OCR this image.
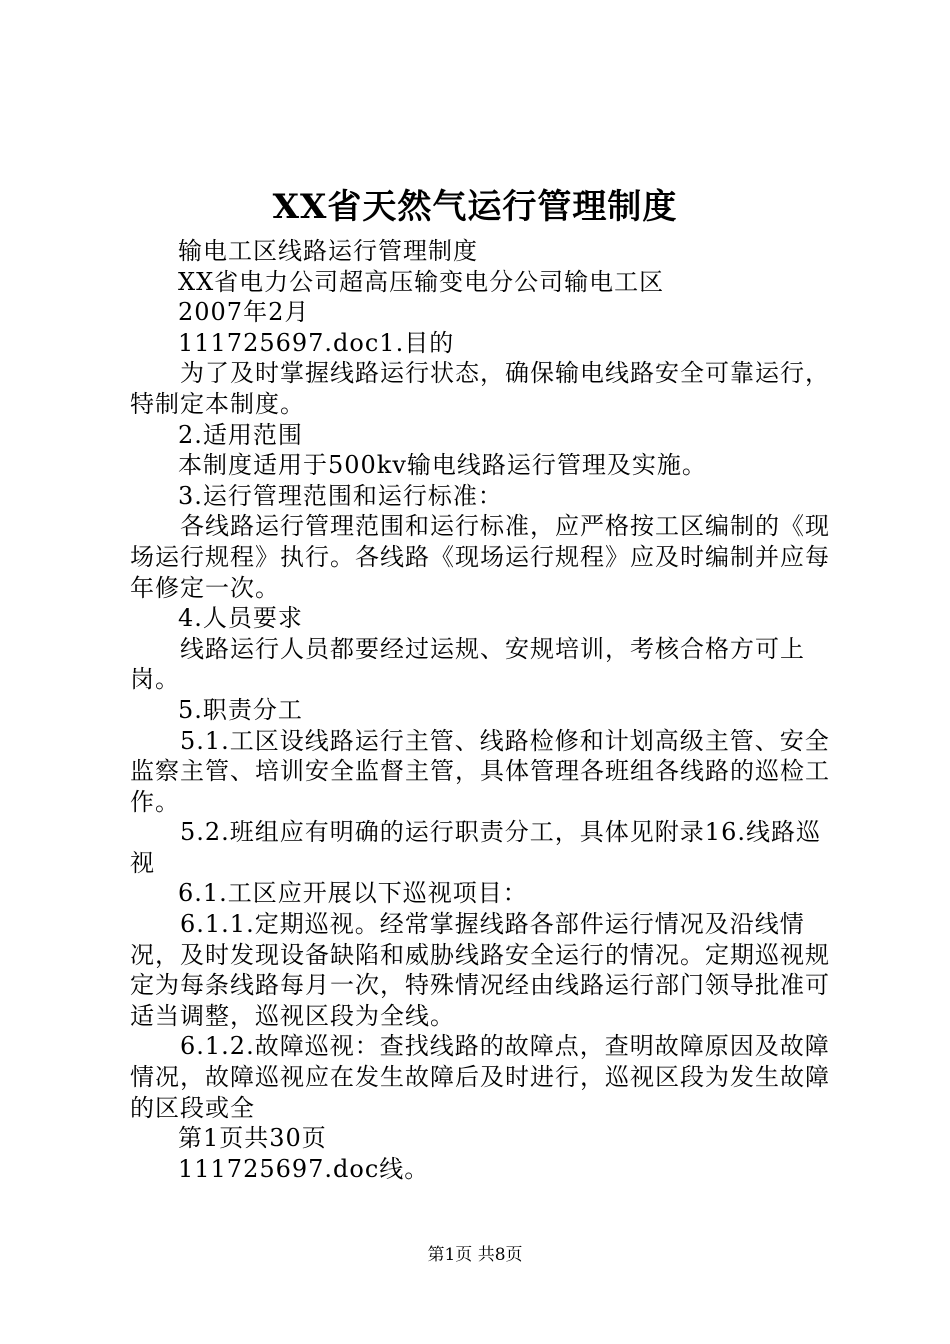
XX省天然气运行管理制度

输电工区线路运行管理制度

XX省电力公司超高压输变电分公司输电工区

2007年2月

111725697.doc1.目的

为了及时掌握线路运行状态，确保输电线路安全可靠运行，特制定本制度。

2.适用范围

本制度适用于500kv输电线路运行管理及实施。

3.运行管理范围和运行标准：

各线路运行管理范围和运行标准，应严格按工区编制的《现场运行规程》执行。各线路《现场运行规程》应及时编制并应每年修定一次。

4.人员要求

线路运行人员都要经过运规、安规培训，考核合格方可上岗。

5.职责分工

5.1.工区设线路运行主管、线路检修和计划高级主管、安全监察主管、培训安全监督主管，具体管理各班组各线路的巡检工作。

5.2.班组应有明确的运行职责分工，具体见附录16.线路巡视

6.1.工区应开展以下巡视项目：

6.1.1.定期巡视。经常掌握线路各部件运行情况及沿线情况，及时发现设备缺陷和威胁线路安全运行的情况。定期巡视规定为每条线路每月一次，特殊情况经由线路运行部门领导批准可适当调整，巡视区段为全线。

6.1.2.故障巡视：查找线路的故障点，查明故障原因及故障情况，故障巡视应在发生故障后及时进行，巡视区段为发生故障的区段或全

第1页共30页

111725697.doc线。

第1页 共8页
